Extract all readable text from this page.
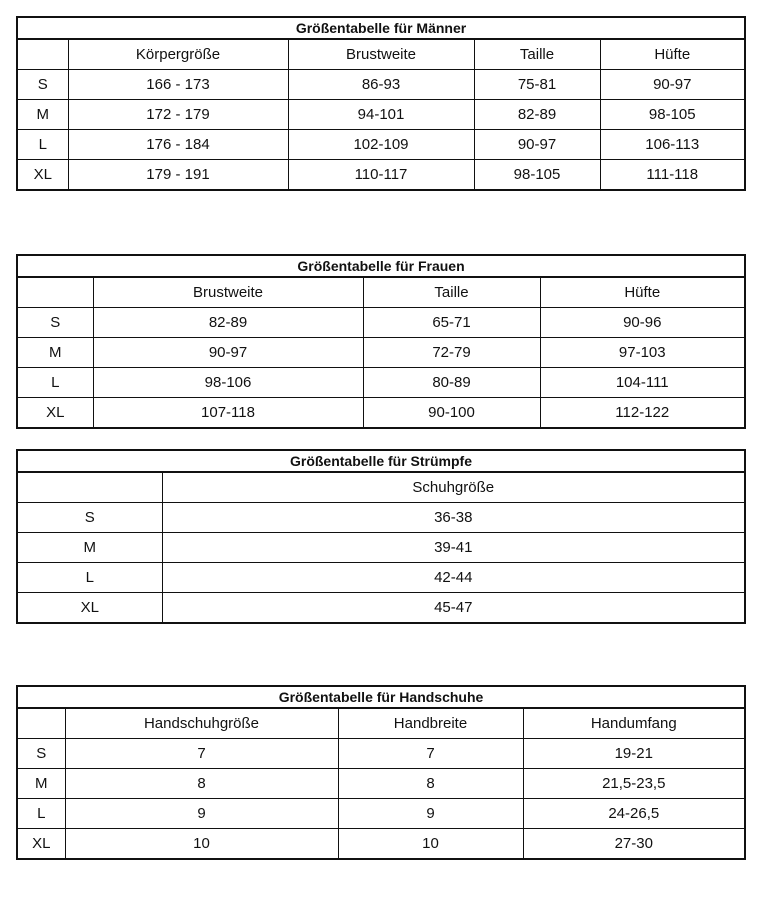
Größentabelle für Männer				
	Körpergröße	Brustweite	Taille	Hüfte
S	166 - 173	86-93	75-81	90-97
M	172 - 179	94-101	82-89	98-105
L	176 - 184	102-109	90-97	106-113
XL	179 - 191	110-117	98-105	111-118
Größentabelle für Frauen			
	Brustweite	Taille	Hüfte
S	82-89	65-71	90-96
M	90-97	72-79	97-103
L	98-106	80-89	104-111
XL	107-118	90-100	112-122
Größentabelle für Strümpfe	
	Schuhgröße
S	36-38
M	39-41
L	42-44
XL	45-47
Größentabelle für Handschuhe			
	Handschuhgröße	Handbreite	Handumfang
S	7	7	19-21
M	8	8	21,5-23,5
L	9	9	24-26,5
XL	10	10	27-30
